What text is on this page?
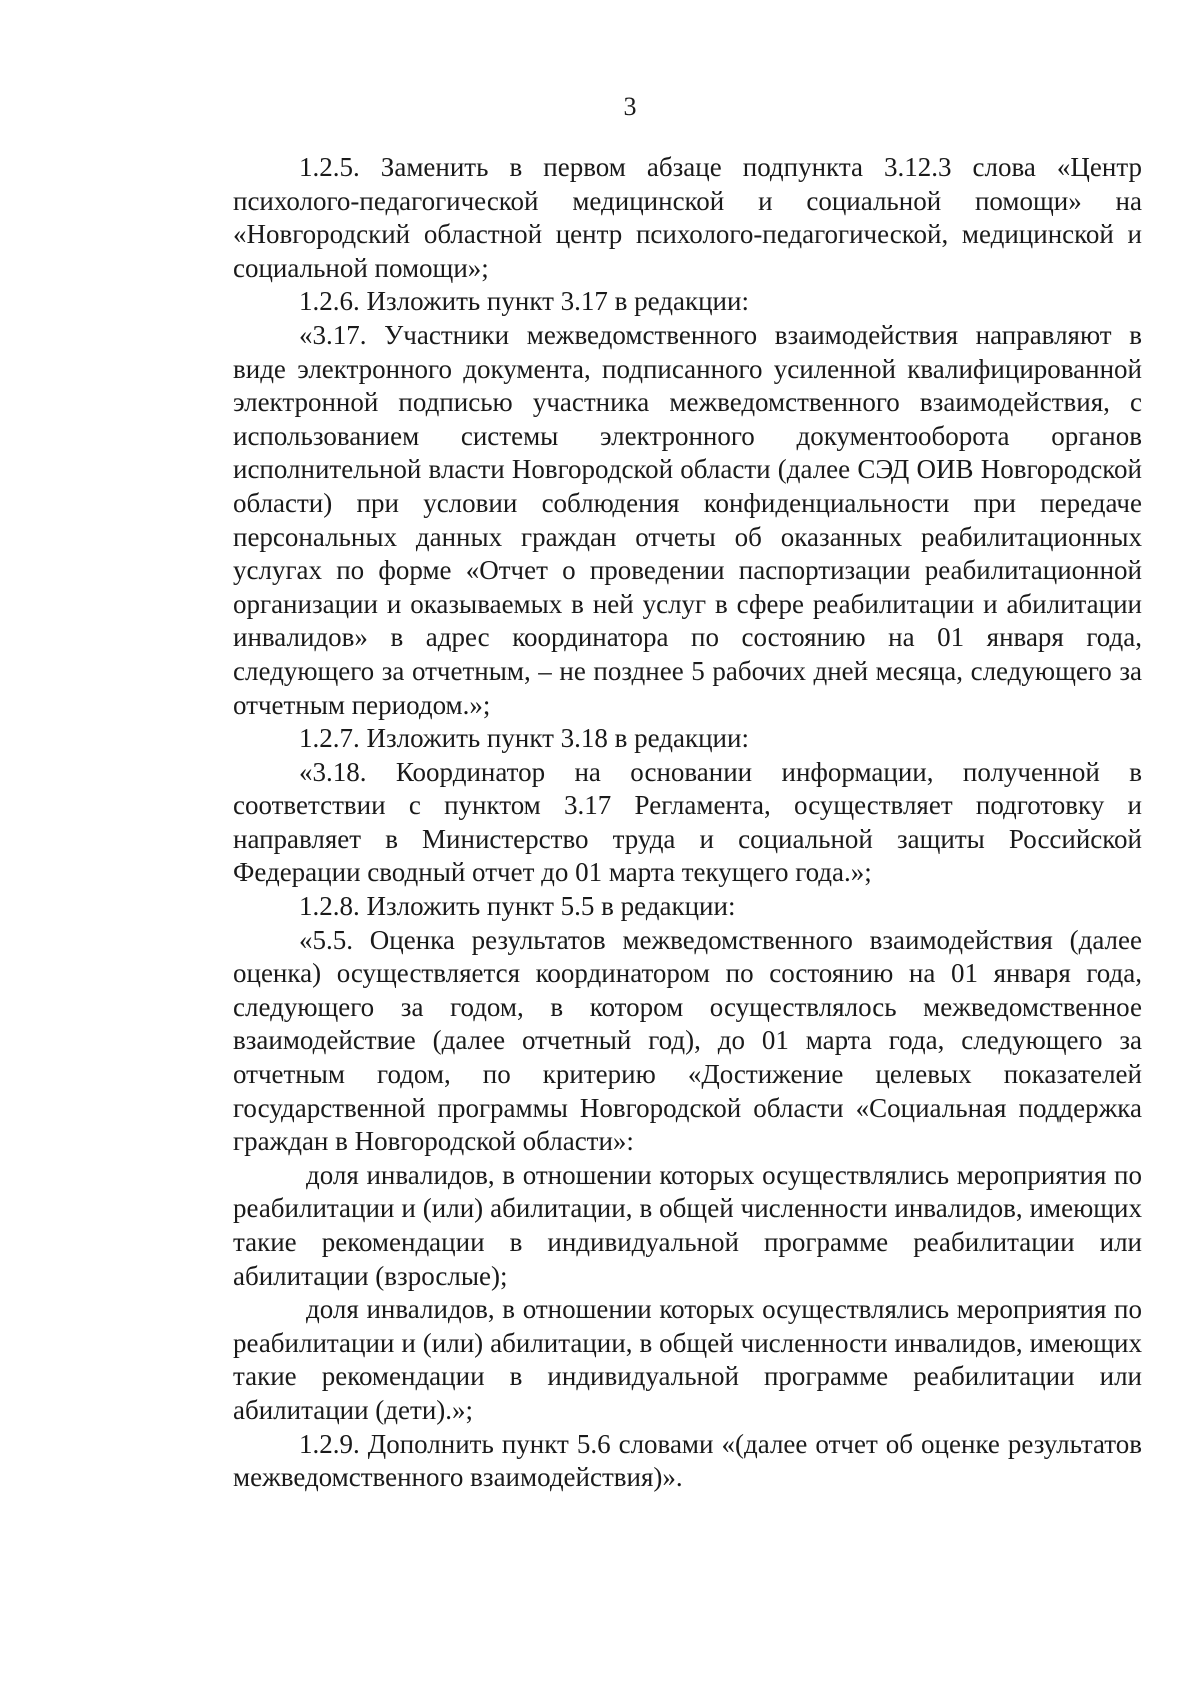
3

1.2.5. Заменить в первом абзаце подпункта 3.12.3 слова «Центр психолого-педагогической медицинской и социальной помощи» на «Новгородский областной центр психолого-педагогической, медицинской и социальной помощи»;

1.2.6. Изложить пункт 3.17 в редакции:

«3.17. Участники межведомственного взаимодействия направляют в виде электронного документа, подписанного усиленной квалифицированной электронной подписью участника межведомственного взаимодействия, с использованием системы электронного документооборота органов исполнительной власти Новгородской области (далее СЭД ОИВ Новгородской области) при условии соблюдения конфиденциальности при передаче персональных данных граждан отчеты об оказанных реабилитационных услугах по форме «Отчет о проведении паспортизации реабилитационной организации и оказываемых в ней услуг в сфере реабилитации и абилитации инвалидов» в адрес координатора по состоянию на 01 января года, следующего за отчетным, – не позднее 5 рабочих дней месяца, следующего за отчетным периодом.»;

1.2.7. Изложить пункт 3.18 в редакции:

«3.18. Координатор на основании информации, полученной в соответствии с пунктом 3.17 Регламента, осуществляет подготовку и направляет в Министерство труда и социальной защиты Российской Федерации сводный отчет до 01 марта текущего года.»;

1.2.8. Изложить пункт 5.5 в редакции:

«5.5. Оценка результатов межведомственного взаимодействия (далее оценка) осуществляется координатором по состоянию на 01 января года, следующего за годом, в котором осуществлялось межведомственное взаимодействие (далее отчетный год), до 01 марта года, следующего за отчетным годом, по критерию «Достижение целевых показателей государственной программы Новгородской области «Социальная поддержка граждан в Новгородской области»:

доля инвалидов, в отношении которых осуществлялись мероприятия по реабилитации и (или) абилитации, в общей численности инвалидов, имеющих такие рекомендации в индивидуальной программе реабилитации или абилитации (взрослые);

доля инвалидов, в отношении которых осуществлялись мероприятия по реабилитации и (или) абилитации, в общей численности инвалидов, имеющих такие рекомендации в индивидуальной программе реабилитации или абилитации (дети).»;

1.2.9. Дополнить пункт 5.6 словами «(далее отчет об оценке результатов межведомственного взаимодействия)».
